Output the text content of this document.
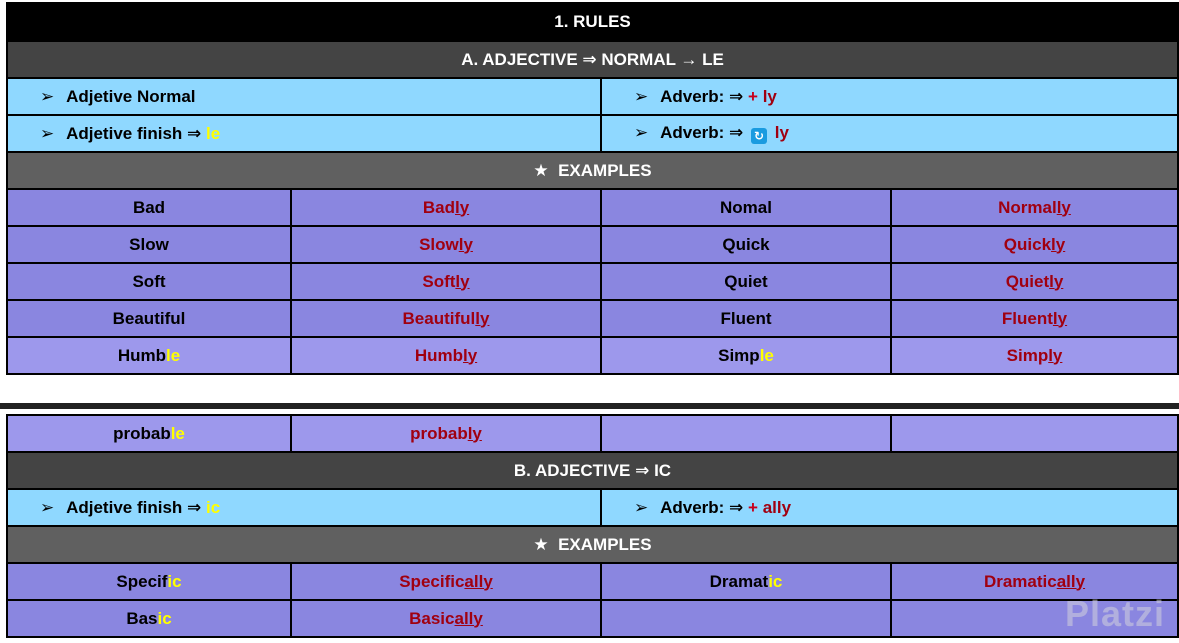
1. RULES			
A. ADJECTIVE ⇒ NORMAL → LE			
➢ Adjetive Normal		➢ Adverb: ⇒ + ly	
➢ Adjetive finish ⇒ le		➢ Adverb: ⇒ ↻ ly	
★ EXAMPLES			
Bad	Badly	Nomal	Normally
Slow	Slowly	Quick	Quickly
Soft	Softly	Quiet	Quietly
Beautiful	Beautifully	Fluent	Fluently
Humble	Humbly	Simple	Simply
probable	probably		
B. ADJECTIVE ⇒ IC			
➢ Adjetive finish ⇒ ic		➢ Adverb: ⇒ + ally	
★ EXAMPLES			
Specific	Specifically	Dramatic	Dramatically
Basic	Basically			Platzi
